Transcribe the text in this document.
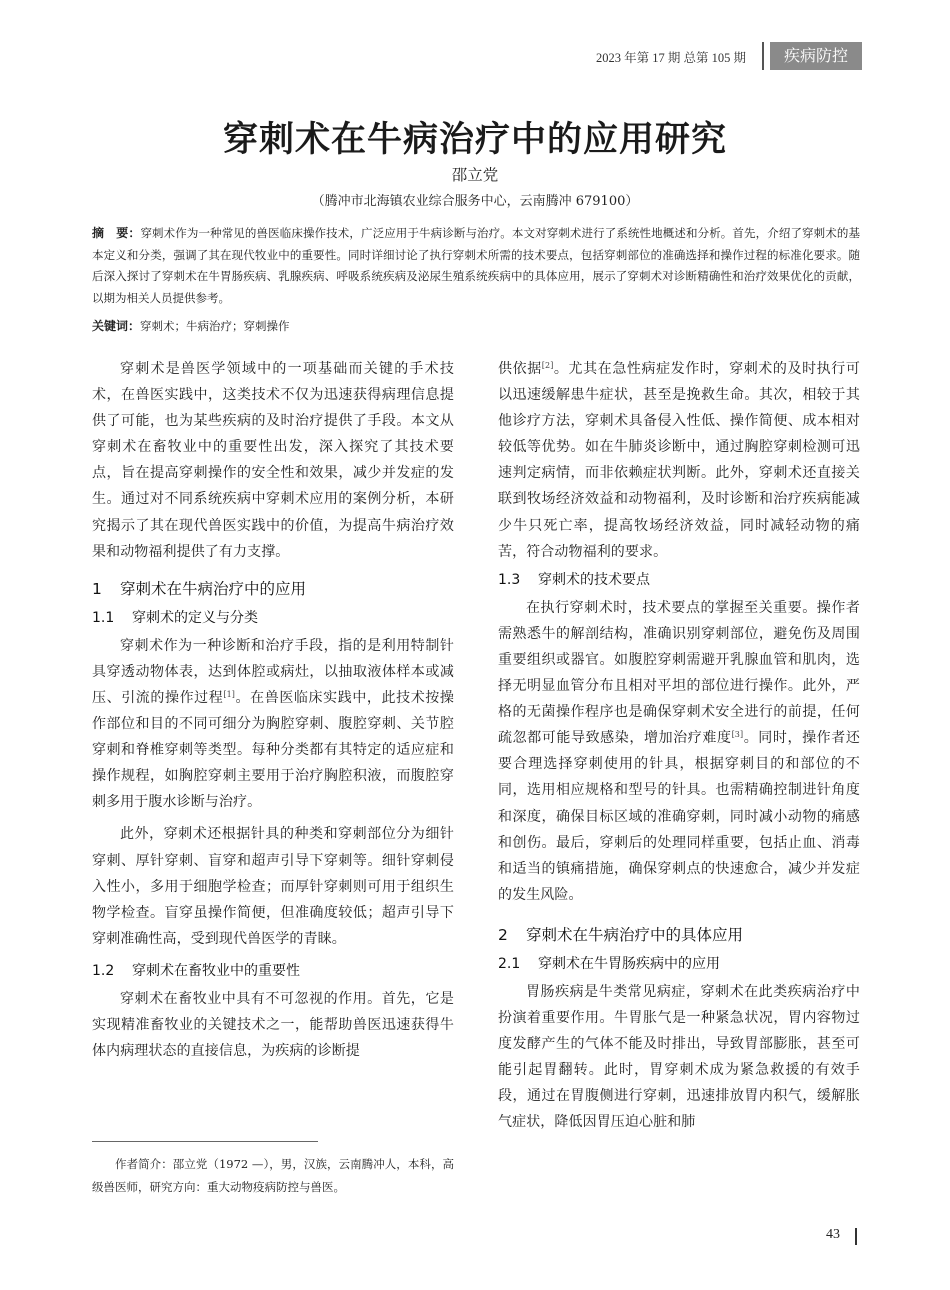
2023 年第 17 期 总第 105 期	疾病防控
穿刺术在牛病治疗中的应用研究
邵立党
（腾冲市北海镇农业综合服务中心，云南腾冲 679100）
摘　要：穿刺术作为一种常见的兽医临床操作技术，广泛应用于牛病诊断与治疗。本文对穿刺术进行了系统性地概述和分析。首先，介绍了穿刺术的基本定义和分类，强调了其在现代牧业中的重要性。同时详细讨论了执行穿刺术所需的技术要点，包括穿刺部位的准确选择和操作过程的标准化要求。随后深入探讨了穿刺术在牛胃肠疾病、乳腺疾病、呼吸系统疾病及泌尿生殖系统疾病中的具体应用，展示了穿刺术对诊断精确性和治疗效果优化的贡献，以期为相关人员提供参考。
关键词：穿刺术；牛病治疗；穿刺操作

穿刺术是兽医学领域中的一项基础而关键的手术技术，在兽医实践中，这类技术不仅为迅速获得病理信息提供了可能，也为某些疾病的及时治疗提供了手段。本文从穿刺术在畜牧业中的重要性出发，深入探究了其技术要点，旨在提高穿刺操作的安全性和效果，减少并发症的发生。通过对不同系统疾病中穿刺术应用的案例分析，本研究揭示了其在现代兽医实践中的价值，为提高牛病治疗效果和动物福利提供了有力支撑。

1 穿刺术在牛病治疗中的应用
1.1 穿刺术的定义与分类

穿刺术作为一种诊断和治疗手段，指的是利用特制针具穿透动物体表，达到体腔或病灶，以抽取液体样本或减压、引流的操作过程[1]。在兽医临床实践中，此技术按操作部位和目的不同可细分为胸腔穿刺、腹腔穿刺、关节腔穿刺和脊椎穿刺等类型。每种分类都有其特定的适应症和操作规程，如胸腔穿刺主要用于治疗胸腔积液，而腹腔穿刺多用于腹水诊断与治疗。

此外，穿刺术还根据针具的种类和穿刺部位分为细针穿刺、厚针穿刺、盲穿和超声引导下穿刺等。细针穿刺侵入性小，多用于细胞学检查；而厚针穿刺则可用于组织生物学检查。盲穿虽操作简便，但准确度较低；超声引导下穿刺准确性高，受到现代兽医学的青睐。

1.2 穿刺术在畜牧业中的重要性

穿刺术在畜牧业中具有不可忽视的作用。首先，它是实现精准畜牧业的关键技术之一，能帮助兽医迅速获得牛体内病理状态的直接信息，为疾病的诊断提

作者简介：邵立党（1972 —），男，汉族，云南腾冲人，本科，高级兽医师，研究方向：重大动物疫病防控与兽医。

供依据[2]。尤其在急性病症发作时，穿刺术的及时执行可以迅速缓解患牛症状，甚至是挽救生命。其次，相较于其他诊疗方法，穿刺术具备侵入性低、操作简便、成本相对较低等优势。如在牛肺炎诊断中，通过胸腔穿刺检测可迅速判定病情，而非依赖症状判断。此外，穿刺术还直接关联到牧场经济效益和动物福利，及时诊断和治疗疾病能减少牛只死亡率，提高牧场经济效益，同时减轻动物的痛苦，符合动物福利的要求。

1.3 穿刺术的技术要点

在执行穿刺术时，技术要点的掌握至关重要。操作者需熟悉牛的解剖结构，准确识别穿刺部位，避免伤及周围重要组织或器官。如腹腔穿刺需避开乳腺血管和肌肉，选择无明显血管分布且相对平坦的部位进行操作。此外，严格的无菌操作程序也是确保穿刺术安全进行的前提，任何疏忽都可能导致感染，增加治疗难度[3]。同时，操作者还要合理选择穿刺使用的针具，根据穿刺目的和部位的不同，选用相应规格和型号的针具。也需精确控制进针角度和深度，确保目标区域的准确穿刺，同时减小动物的痛感和创伤。最后，穿刺后的处理同样重要，包括止血、消毒和适当的镇痛措施，确保穿刺点的快速愈合，减少并发症的发生风险。

2 穿刺术在牛病治疗中的具体应用
2.1 穿刺术在牛胃肠疾病中的应用

胃肠疾病是牛类常见病症，穿刺术在此类疾病治疗中扮演着重要作用。牛胃胀气是一种紧急状况，胃内容物过度发酵产生的气体不能及时排出，导致胃部膨胀，甚至可能引起胃翻转。此时，胃穿刺术成为紧急救援的有效手段，通过在胃腹侧进行穿刺，迅速排放胃内积气，缓解胀气症状，降低因胃压迫心脏和肺

43
